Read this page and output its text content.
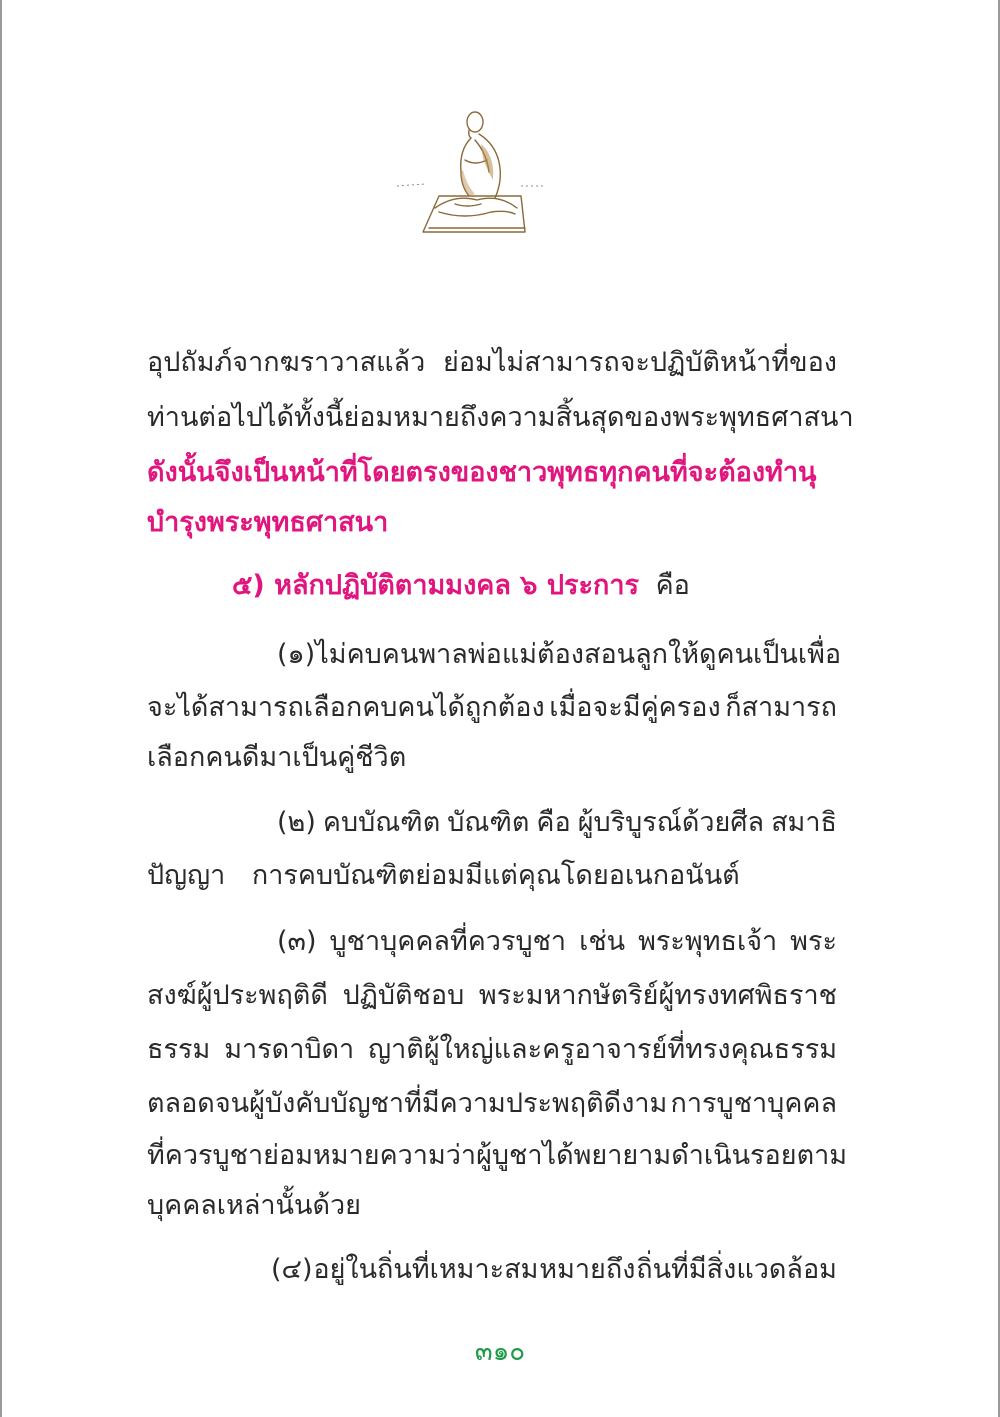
อุปถัมภ์จากฆราวาสแล้ว ย่อมไม่สามารถจะปฏิบัติหน้าที่ของ
ท่านต่อไปได้ ทั้งนี้ย่อมหมายถึงความสิ้นสุดของพระพุทธศาสนา
ดังนั้นจึงเป็นหน้าที่โดยตรงของชาวพุทธทุกคนที่จะต้องทำนุ
บำรุงพระพุทธศาสนา
๕) หลักปฏิบัติตามมงคล ๖ ประการ คือ
(๑) ไม่คบคนพาล พ่อแม่ต้องสอนลูกให้ดูคนเป็น เพื่อ
จะได้สามารถเลือกคบคนได้ถูกต้อง เมื่อจะมีคู่ครอง ก็สามารถ
เลือกคนดีมาเป็นคู่ชีวิต
(๒) คบบัณฑิต บัณฑิต คือ ผู้บริบูรณ์ด้วยศีล สมาธิ
ปัญญา การคบบัณฑิตย่อมมีแต่คุณโดยอเนกอนันต์
(๓) บูชาบุคคลที่ควรบูชา เช่น พระพุทธเจ้า พระ
สงฆ์ผู้ประพฤติดี ปฏิบัติชอบ พระมหากษัตริย์ผู้ทรงทศพิธราช
ธรรม มารดาบิดา ญาติผู้ใหญ่และครูอาจารย์ที่ทรงคุณธรรม
ตลอดจนผู้บังคับบัญชาที่มีความประพฤติดีงาม การบูชาบุคคล
ที่ควรบูชา ย่อมหมายความว่า ผู้บูชาได้พยายามดำเนินรอยตาม
บุคคลเหล่านั้นด้วย
(๔) อยู่ในถิ่นที่เหมาะสม หมายถึง ถิ่นที่มีสิ่งแวดล้อม
๓๑๐
